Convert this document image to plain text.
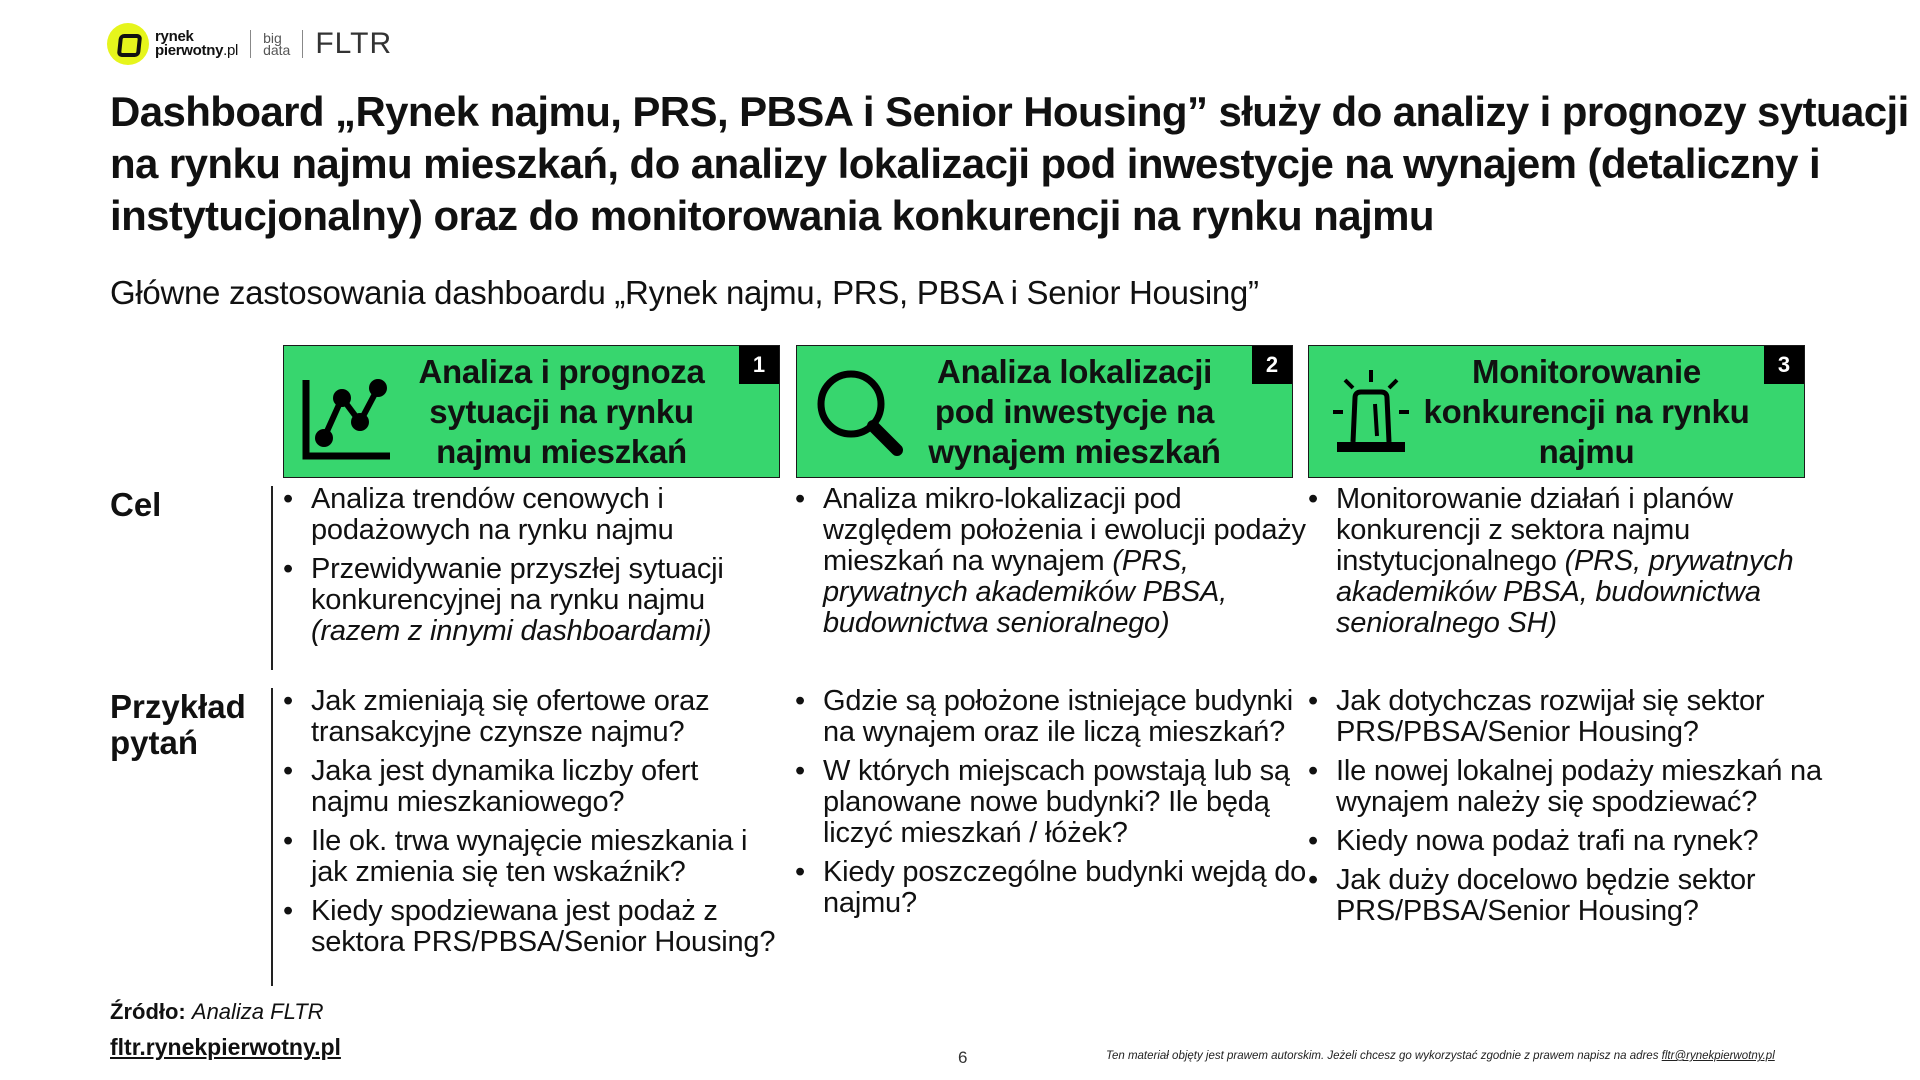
rynek
pierwotny.pl
big
data FLTR
Dashboard „Rynek najmu, PRS, PBSA i Senior Housing” służy do analizy i prognozy sytuacji na rynku najmu mieszkań, do analizy lokalizacji pod inwestycje na wynajem (detaliczny i instytucjonalny) oraz do monitorowania konkurencji na rynku najmu
Główne zastosowania dashboardu „Rynek najmu, PRS, PBSA i Senior Housing”
Analiza i prognoza sytuacji na rynku najmu mieszkań
1	Analiza lokalizacji pod inwestycje na wynajem mieszkań
2	Monitorowanie konkurencji na rynku najmu
3
Cel
Przykład
pytań
• Analiza trendów cenowych i podażowych na rynku najmu
• Przewidywanie przyszłej sytuacji konkurencyjnej na rynku najmu (razem z innymi dashboardami)
• Analiza mikro-lokalizacji pod względem położenia i ewolucji podaży mieszkań na wynajem (PRS, prywatnych akademików PBSA, budownictwa senioralnego)
• Monitorowanie działań i planów konkurencji z sektora najmu instytucjonalnego (PRS, prywatnych akademików PBSA, budownictwa senioralnego SH)
• Jak zmieniają się ofertowe oraz transakcyjne czynsze najmu?
• Jaka jest dynamika liczby ofert najmu mieszkaniowego?
• Ile ok. trwa wynajęcie mieszkania i jak zmienia się ten wskaźnik?
• Kiedy spodziewana jest podaż z sektora PRS/PBSA/Senior Housing?
• Gdzie są położone istniejące budynki na wynajem oraz ile liczą mieszkań?
• W których miejscach powstają lub są planowane nowe budynki? Ile będą liczyć mieszkań / łóżek?
• Kiedy poszczególne budynki wejdą do najmu?
• Jak dotychczas rozwijał się sektor PRS/PBSA/Senior Housing?
• Ile nowej lokalnej podaży mieszkań na wynajem należy się spodziewać?
• Kiedy nowa podaż trafi na rynek?
• Jak duży docelowo będzie sektor PRS/PBSA/Senior Housing?
Źródło: Analiza FLTR
fltr.rynekpierwotny.pl	6	Ten materiał objęty jest prawem autorskim. Jeżeli chcesz go wykorzystać zgodnie z prawem napisz na adres fltr@rynekpierwotny.pl
